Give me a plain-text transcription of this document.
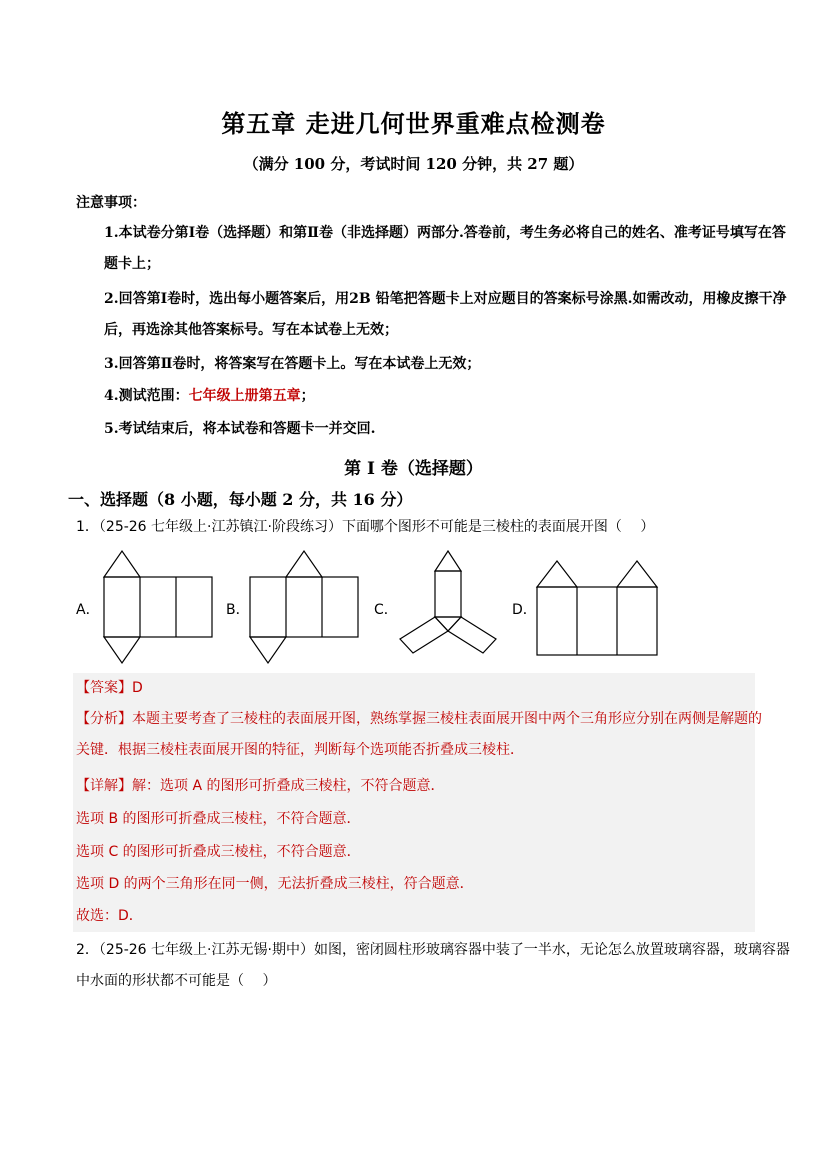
第五章 走进几何世界重难点检测卷
（满分 100 分，考试时间 120 分钟，共 27 题）
注意事项：
1.本试卷分第Ⅰ卷（选择题）和第Ⅱ卷（非选择题）两部分.答卷前，考生务必将自己的姓名、准考证号填写在答题卡上；
2.回答第Ⅰ卷时，选出每小题答案后，用2B 铅笔把答题卡上对应题目的答案标号涂黑.如需改动，用橡皮擦干净后，再选涂其他答案标号。写在本试卷上无效；
3.回答第Ⅱ卷时，将答案写在答题卡上。写在本试卷上无效；
4.测试范围：七年级上册第五章；
5.考试结束后，将本试卷和答题卡一并交回.
第 I 卷（选择题）
一、选择题（8 小题，每小题 2 分，共 16 分）
1．（25-26 七年级上·江苏镇江·阶段练习）下面哪个图形不可能是三棱柱的表面展开图（　 ）
A．	B．	C．	D．
【答案】D
【分析】本题主要考查了三棱柱的表面展开图，熟练掌握三棱柱表面展开图中两个三角形应分别在两侧是解题的关键．根据三棱柱表面展开图的特征，判断每个选项能否折叠成三棱柱．
【详解】解：选项 A 的图形可折叠成三棱柱，不符合题意．
选项 B 的图形可折叠成三棱柱，不符合题意．
选项 C 的图形可折叠成三棱柱，不符合题意．
选项 D 的两个三角形在同一侧，无法折叠成三棱柱，符合题意．
故选：D．
2．（25-26 七年级上·江苏无锡·期中）如图，密闭圆柱形玻璃容器中装了一半水，无论怎么放置玻璃容器，玻璃容器中水面的形状都不可能是（　 ）
